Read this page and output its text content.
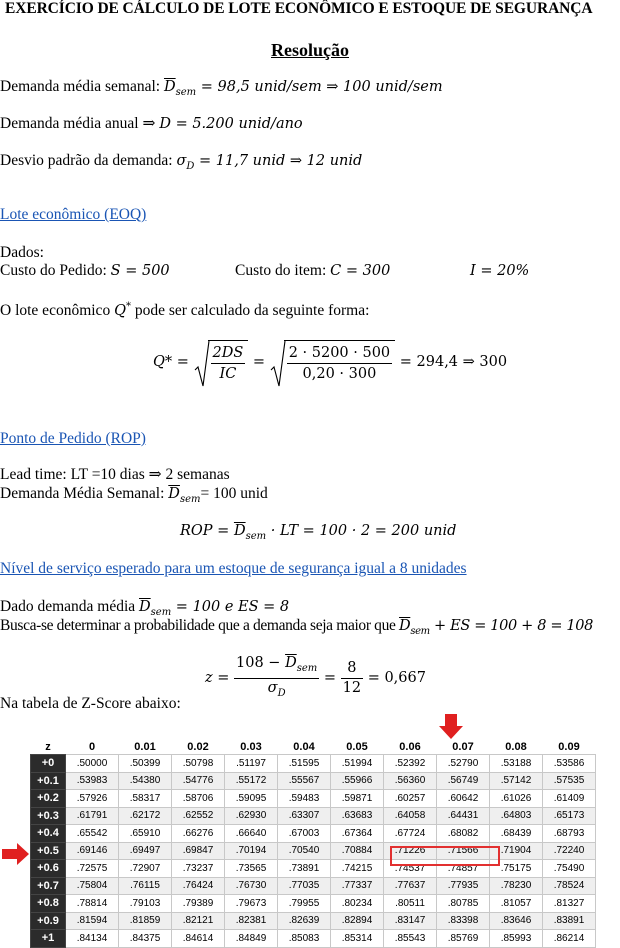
EXERCÍCIO DE CÁLCULO DE LOTE ECONÔMICO E ESTOQUE DE SEGURANÇA
Resolução
Demanda média semanal: $\overline{D}_{sem} = 98,5$ unid/sem ⇒ 100 unid/sem
Demanda média anual ⇒ D = 5.200 unid/ano
Desvio padrão da demanda: $\sigma_D = 11,7$ unid ⇒ 12 unid
Lote econômico (EOQ)
Dados:
Custo do Pedido: S = 500	Custo do item: C = 300	I = 20%
O lote econômico Q* pode ser calculado da seguinte forma:
$Q* = \frac{2DS}{IC} = \frac{2 \cdot 5200 \cdot 500}{0,20 \cdot 300} = 294,4$ ⇒ 300
Ponto de Pedido (ROP)
Lead time: LT =10 dias ⇒ 2 semanas
Demanda Média Semanal: $\overline{D}_{sem}= 100$ unid
ROP = $\overline{D}_{sem}$ · LT = 100 · 2 = 200 unid
Nível de serviço esperado para um estoque de segurança igual a 8 unidades
Dado demanda média $\overline{D}_{sem} = 100$ e ES = 8
Busca-se determinar a probabilidade que a demanda seja maior que $\overline{D}_{sem}$ + ES = 100 + 8 = 108
$z = \frac{108 - \overline{D}_{sem}}{\sigma_D} = \frac{8}{12} = 0,667$
Na tabela de Z-Score abaixo:
z	0	0.01	0.02	0.03	0.04	0.05	0.06	0.07	0.08	0.09
+0	.50000	.50399	.50798	.51197	.51595	.51994	.52392	.52790	.53188	.53586
+0.1	.53983	.54380	.54776	.55172	.55567	.55966	.56360	.56749	.57142	.57535
+0.2	.57926	.58317	.58706	.59095	.59483	.59871	.60257	.60642	.61026	.61409
+0.3	.61791	.62172	.62552	.62930	.63307	.63683	.64058	.64431	.64803	.65173
+0.4	.65542	.65910	.66276	.66640	.67003	.67364	.67724	.68082	.68439	.68793
+0.5	.69146	.69497	.69847	.70194	.70540	.70884	.71226	.71566	.71904	.72240
+0.6	.72575	.72907	.73237	.73565	.73891	.74215	.74537	.74857	.75175	.75490
+0.7	.75804	.76115	.76424	.76730	.77035	.77337	.77637	.77935	.78230	.78524
+0.8	.78814	.79103	.79389	.79673	.79955	.80234	.80511	.80785	.81057	.81327
+0.9	.81594	.81859	.82121	.82381	.82639	.82894	.83147	.83398	.83646	.83891
+1	.84134	.84375	.84614	.84849	.85083	.85314	.85543	.85769	.85993	.86214
